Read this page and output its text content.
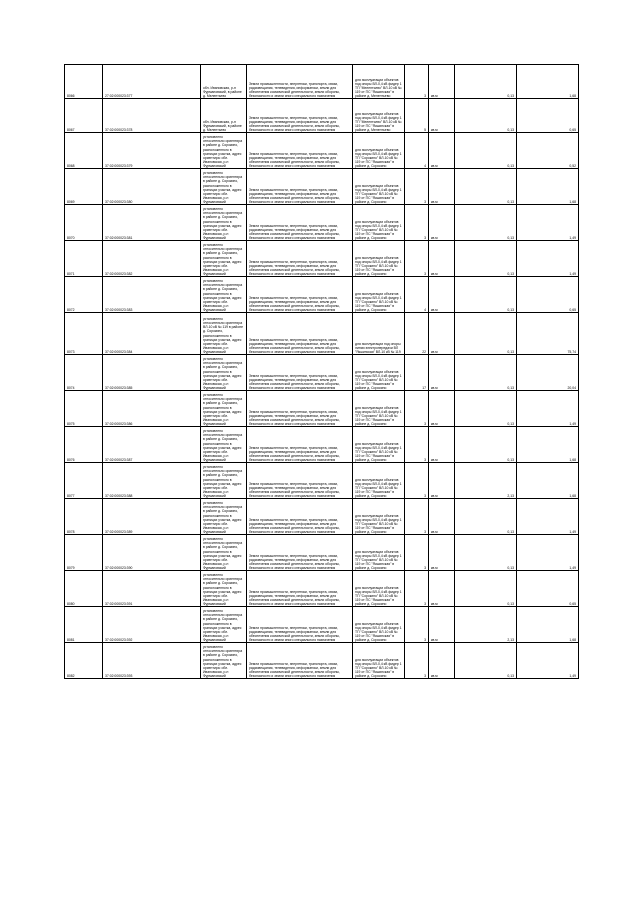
8066	27:02:000023:377	обл. Ивановская, р-н Фурмановский, в районе д. Мелентьево	Земли промышленности, энергетики, транспорта, связи, радиовещания, телевидения, информатики, земли для обеспечения космической деятельности, земли обороны, безопасности и земли иного специального назначения	для эксплуатации объектов под опоры ВЛ-0,4 кВ фидер 1 ТП "Мелентьево" ВЛ-10 кВ № 119 от ПС "Якшинская" в районе д. Мелентьево	3	кв.м	0,13	1,68
8067	37:02:000023:378	обл. Ивановская, р-н Фурмановский, в районе д. Мелентьево	Земли промышленности, энергетики, транспорта, связи, радиовещания, телевидения, информатики, земли для обеспечения космической деятельности, земли обороны, безопасности и земли иного специального назначения	для эксплуатации объектов под опоры ВЛ-0,4 кВ фидер 1 ТП "Мелентьево" ВЛ-10 кВ № 119 от ПС "Якшинская" в районе д. Мелентьево	5	кв.м	0,13	0,65
8068	37:02:000023:379	установлено относительно ориентира в районе д. Сорокино, расположенного в границах участка, адрес ориентира: обл. Ивановская, р-н Фурмановский	Земли промышленности, энергетики, транспорта, связи, радиовещания, телевидения, информатики, земли для обеспечения космической деятельности, земли обороны, безопасности и земли иного специального назначения	для эксплуатации объектов под опоры ВЛ-0,4 кВ фидер 1 ТП "Сорокино" ВЛ-10 кВ № 119 от ПС "Якшинская" в районе д. Сорокино	4	кв.м	0,13	0,52
8069	37:02:000023:380	установлено относительно ориентира в районе д. Сорокино, расположенного в границах участка, адрес ориентира: обл. Ивановская, р-н Фурмановский	Земли промышленности, энергетики, транспорта, связи, радиовещания, телевидения, информатики, земли для обеспечения космической деятельности, земли обороны, безопасности и земли иного специального назначения	для эксплуатации объектов под опоры ВЛ-0,4 кВ фидер 1 ТП "Сорокино" ВЛ-10 кВ № 119 от ПС "Якшинская" в районе д. Сорокино	3	кв.м	0,13	1,68
8070	37:02:000023:381	установлено относительно ориентира в районе д. Сорокино, расположенного в границах участка, адрес ориентира: обл. Ивановская, р-н Фурмановский	Земли промышленности, энергетики, транспорта, связи, радиовещания, телевидения, информатики, земли для обеспечения космической деятельности, земли обороны, безопасности и земли иного специального назначения	для эксплуатации объектов под опоры ВЛ-0,4 кВ фидер 1 ТП "Сорокино" ВЛ-10 кВ № 119 от ПС "Якшинская" в районе д. Сорокино	3	кв.м	0,13	1,49
8071	37:02:000023:382	установлено относительно ориентира в районе д. Сорокино, расположенного в границах участка, адрес ориентира: обл. Ивановская, р-н Фурмановский	Земли промышленности, энергетики, транспорта, связи, радиовещания, телевидения, информатики, земли для обеспечения космической деятельности, земли обороны, безопасности и земли иного специального назначения	для эксплуатации объектов под опоры ВЛ-0,4 кВ фидер 1 ТП "Сорокино" ВЛ-10 кВ № 119 от ПС "Якшинская" в районе д. Сорокино	3	кв.м	0,13	1,49
8072	37:02:000023:383	установлено относительно ориентира в районе д. Сорокино, расположенного в границах участка, адрес ориентира: обл. Ивановская, р-н Фурмановский	Земли промышленности, энергетики, транспорта, связи, радиовещания, телевидения, информатики, земли для обеспечения космической деятельности, земли обороны, безопасности и земли иного специального назначения	для эксплуатации объектов под опоры ВЛ-0,4 кВ фидер 1 ТП "Сорокино" ВЛ-10 кВ № 119 от ПС "Якшинская" в районе д. Сорокино	4	кв.м	0,13	0,65
8073	37:02:000023:384	установлено относительно ориентира ВЛ-10 кВ № 119 в районе д. Сорокино, расположенного в границах участка, адрес ориентира: обл. Ивановская, р-н Фурмановский	Земли промышленности, энергетики, транспорта, связи, радиовещания, телевидения, информатики, земли для обеспечения космической деятельности, земли обороны, безопасности и земли иного специального назначения	для эксплуатации под опоры линии электропередачи ВЛ "Якшинская" ВЛ-10 кВ № 119	22	кв.м	0,13	75,74
8074	37:02:000023:385	установлено относительно ориентира в районе д. Сорокино, расположенного в границах участка, адрес ориентира: обл. Ивановская, р-н Фурмановский	Земли промышленности, энергетики, транспорта, связи, радиовещания, телевидения, информатики, земли для обеспечения космической деятельности, земли обороны, безопасности и земли иного специального назначения	для эксплуатации объектов под опоры ВЛ-0,4 кВ фидер 1 ТП "Сорокино" ВЛ-10 кВ № 119 от ПС "Якшинская" в районе д. Сорокино	17	кв.м	0,13	20,04
8075	37:02:000023:386	установлено относительно ориентира в районе д. Сорокино, расположенного в границах участка, адрес ориентира: обл. Ивановская, р-н Фурмановский	Земли промышленности, энергетики, транспорта, связи, радиовещания, телевидения, информатики, земли для обеспечения космической деятельности, земли обороны, безопасности и земли иного специального назначения	для эксплуатации объектов под опоры ВЛ-0,4 кВ фидер 1 ТП "Сорокино" ВЛ-10 кВ № 119 от ПС "Якшинская" в районе д. Сорокино	3	кв.м	0,13	1,49
8076	37:02:000023:387	установлено относительно ориентира в районе д. Сорокино, расположенного в границах участка, адрес ориентира: обл. Ивановская, р-н Фурмановский	Земли промышленности, энергетики, транспорта, связи, радиовещания, телевидения, информатики, земли для обеспечения космической деятельности, земли обороны, безопасности и земли иного специального назначения	для эксплуатации объектов под опоры ВЛ-0,4 кВ фидер 1 ТП "Сорокино" ВЛ-10 кВ № 119 от ПС "Якшинская" в районе д. Сорокино	3	кв.м	0,13	1,68
8077	37:02:000023:388	установлено относительно ориентира в районе д. Сорокино, расположенного в границах участка, адрес ориентира: обл. Ивановская, р-н Фурмановский	Земли промышленности, энергетики, транспорта, связи, радиовещания, телевидения, информатики, земли для обеспечения космической деятельности, земли обороны, безопасности и земли иного специального назначения	для эксплуатации объектов под опоры ВЛ-0,4 кВ фидер 1 ТП "Сорокино" ВЛ-10 кВ № 119 от ПС "Якшинская" в районе д. Сорокино	3	кв.м	2,13	1,68
8078	37:02:000023:389	установлено относительно ориентира в районе д. Сорокино, расположенного в границах участка, адрес ориентира: обл. Ивановская, р-н Фурмановский	Земли промышленности, энергетики, транспорта, связи, радиовещания, телевидения, информатики, земли для обеспечения космической деятельности, земли обороны, безопасности и земли иного специального назначения	для эксплуатации объектов под опоры ВЛ-0,4 кВ фидер 1 ТП "Сорокино" ВЛ-10 кВ № 119 от ПС "Якшинская" в районе д. Сорокино	3	кв.м	0,13	1,49
8079	37:02:000023:390	установлено относительно ориентира в районе д. Сорокино, расположенного в границах участка, адрес ориентира: обл. Ивановская, р-н Фурмановский	Земли промышленности, энергетики, транспорта, связи, радиовещания, телевидения, информатики, земли для обеспечения космической деятельности, земли обороны, безопасности и земли иного специального назначения	для эксплуатации объектов под опоры ВЛ-0,4 кВ фидер 1 ТП "Сорокино" ВЛ-10 кВ № 119 от ПС "Якшинская" в районе д. Сорокино	3	кв.м	0,13	1,49
8080	37:02:000023:391	установлено относительно ориентира в районе д. Сорокино, расположенного в границах участка, адрес ориентира: обл. Ивановская, р-н Фурмановский	Земли промышленности, энергетики, транспорта, связи, радиовещания, телевидения, информатики, земли для обеспечения космической деятельности, земли обороны, безопасности и земли иного специального назначения	для эксплуатации объектов под опоры ВЛ-0,4 кВ фидер 1 ТП "Сорокино" ВЛ-10 кВ № 119 от ПС "Якшинская" в районе д. Сорокино	3	кв.м	0,13	0,65
8081	37:02:000023:392	установлено относительно ориентира в районе д. Сорокино, расположенного в границах участка, адрес ориентира: обл. Ивановская, р-н Фурмановский	Земли промышленности, энергетики, транспорта, связи, радиовещания, телевидения, информатики, земли для обеспечения космической деятельности, земли обороны, безопасности и земли иного специального назначения	для эксплуатации объектов под опоры ВЛ-0,4 кВ фидер 1 ТП "Сорокино" ВЛ-10 кВ № 119 от ПС "Якшинская" в районе д. Сорокино	3	кв.м	2,13	1,68
8082	37:02:000023:393	установлено относительно ориентира в районе д. Сорокино, расположенного в границах участка, адрес ориентира: обл. Ивановская, р-н Фурмановский	Земли промышленности, энергетики, транспорта, связи, радиовещания, телевидения, информатики, земли для обеспечения космической деятельности, земли обороны, безопасности и земли иного специального назначения	для эксплуатации объектов под опоры ВЛ-0,4 кВ фидер 1 ТП "Сорокино" ВЛ-10 кВ № 119 от ПС "Якшинская" в районе д. Сорокино	3	кв.м	0,13	1,49
